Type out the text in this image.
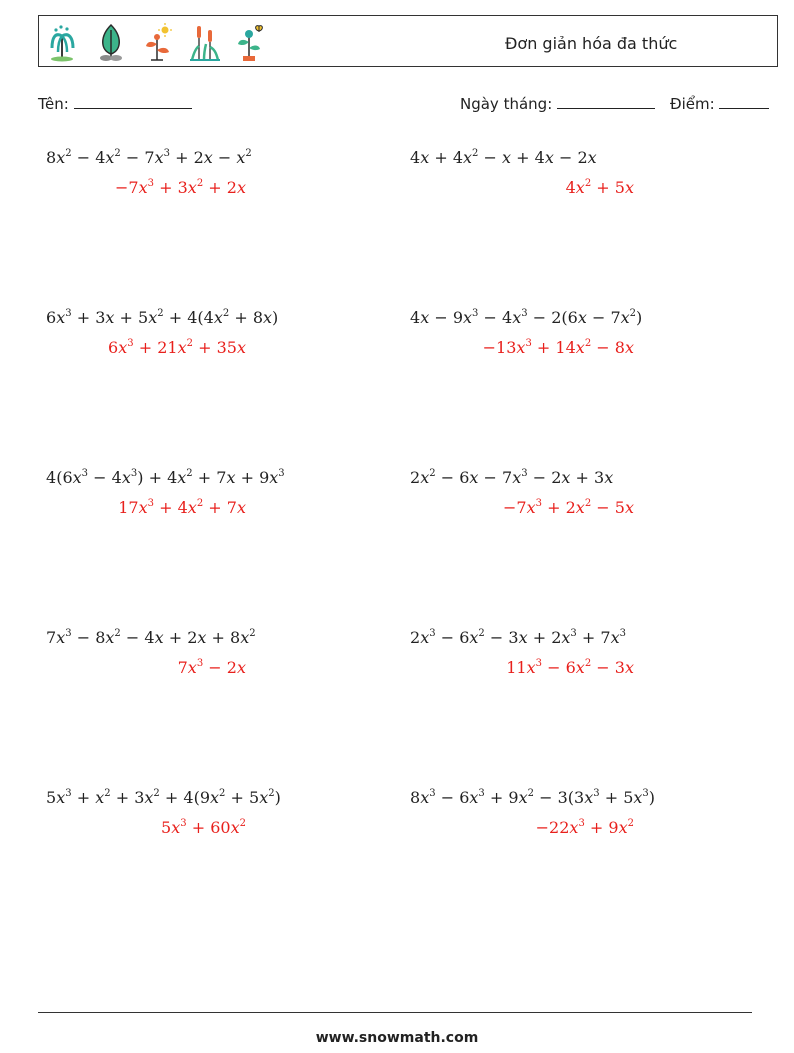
Đơn giản hóa đa thức
Tên:	Ngày tháng:	Điểm:
$8x^2 - 4x^2 - 7x^3 + 2x - x^2$
$-7x^3 + 3x^2 + 2x$
$4x + 4x^2 - x + 4x - 2x$
$4x^2 + 5x$
$6x^3 + 3x + 5x^2 + 4(4x^2 + 8x)$
$6x^3 + 21x^2 + 35x$
$4x - 9x^3 - 4x^3 - 2(6x - 7x^2)$
$-13x^3 + 14x^2 - 8x$
$4(6x^3 - 4x^3) + 4x^2 + 7x + 9x^3$
$17x^3 + 4x^2 + 7x$
$2x^2 - 6x - 7x^3 - 2x + 3x$
$-7x^3 + 2x^2 - 5x$
$7x^3 - 8x^2 - 4x + 2x + 8x^2$
$7x^3 - 2x$
$2x^3 - 6x^2 - 3x + 2x^3 + 7x^3$
$11x^3 - 6x^2 - 3x$
$5x^3 + x^2 + 3x^2 + 4(9x^2 + 5x^2)$
$5x^3 + 60x^2$
$8x^3 - 6x^3 + 9x^2 - 3(3x^3 + 5x^3)$
$-22x^3 + 9x^2$
www.snowmath.com
